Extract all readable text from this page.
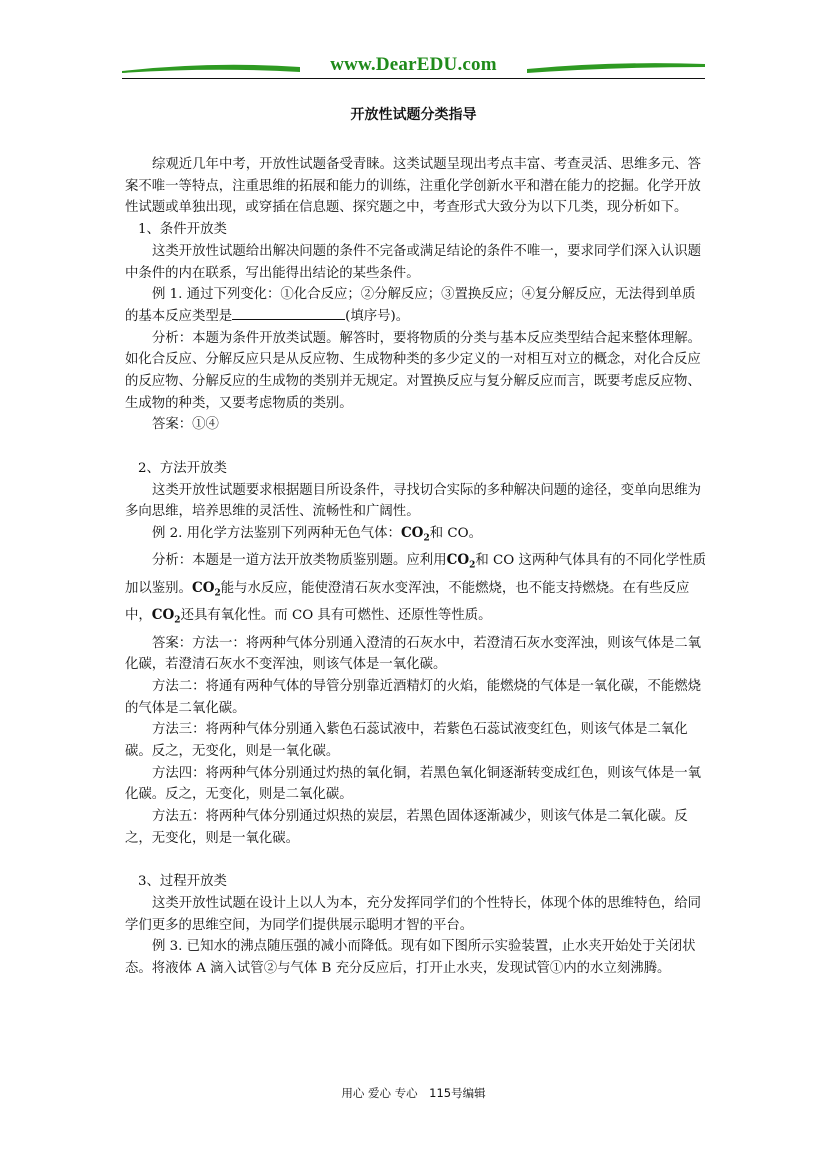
www.DearEDU.com
开放性试题分类指导

综观近几年中考，开放性试题备受青睐。这类试题呈现出考点丰富、考查灵活、思维多元、答案不唯一等特点，注重思维的拓展和能力的训练，注重化学创新水平和潜在能力的挖掘。化学开放性试题或单独出现，或穿插在信息题、探究题之中，考查形式大致分为以下几类，现分析如下。

1、条件开放类

这类开放性试题给出解决问题的条件不完备或满足结论的条件不唯一，要求同学们深入认识题中条件的内在联系，写出能得出结论的某些条件。

例 1. 通过下列变化：①化合反应；②分解反应；③置换反应；④复分解反应，无法得到单质的基本反应类型是	(填序号)。

分析：本题为条件开放类试题。解答时，要将物质的分类与基本反应类型结合起来整体理解。如化合反应、分解反应只是从反应物、生成物种类的多少定义的一对相互对立的概念，对化合反应的反应物、分解反应的生成物的类别并无规定。对置换反应与复分解反应而言，既要考虑反应物、生成物的种类，又要考虑物质的类别。

答案：①④

2、方法开放类

这类开放性试题要求根据题目所设条件，寻找切合实际的多种解决问题的途径，变单向思维为多向思维，培养思维的灵活性、流畅性和广阔性。

例 2. 用化学方法鉴别下列两种无色气体：$CO_2$和 CO。

分析：本题是一道方法开放类物质鉴别题。应利用$CO_2$和 CO 这两种气体具有的不同化学性质加以鉴别。$CO_2$能与水反应，能使澄清石灰水变浑浊，不能燃烧，也不能支持燃烧。在有些反应中，$CO_2$还具有氧化性。而 CO 具有可燃性、还原性等性质。

答案：方法一：将两种气体分别通入澄清的石灰水中，若澄清石灰水变浑浊，则该气体是二氧化碳，若澄清石灰水不变浑浊，则该气体是一氧化碳。

方法二：将通有两种气体的导管分别靠近酒精灯的火焰，能燃烧的气体是一氧化碳，不能燃烧的气体是二氧化碳。

方法三：将两种气体分别通入紫色石蕊试液中，若紫色石蕊试液变红色，则该气体是二氧化碳。反之，无变化，则是一氧化碳。

方法四：将两种气体分别通过灼热的氧化铜，若黑色氧化铜逐渐转变成红色，则该气体是一氧化碳。反之，无变化，则是二氧化碳。

方法五：将两种气体分别通过炽热的炭层，若黑色固体逐渐减少，则该气体是二氧化碳。反之，无变化，则是一氧化碳。

3、过程开放类

这类开放性试题在设计上以人为本，充分发挥同学们的个性特长，体现个体的思维特色，给同学们更多的思维空间，为同学们提供展示聪明才智的平台。

例 3. 已知水的沸点随压强的减小而降低。现有如下图所示实验装置，止水夹开始处于关闭状态。将液体 A 滴入试管②与气体 B 充分反应后，打开止水夹，发现试管①内的水立刻沸腾。

用心 爱心 专心　115号编辑
